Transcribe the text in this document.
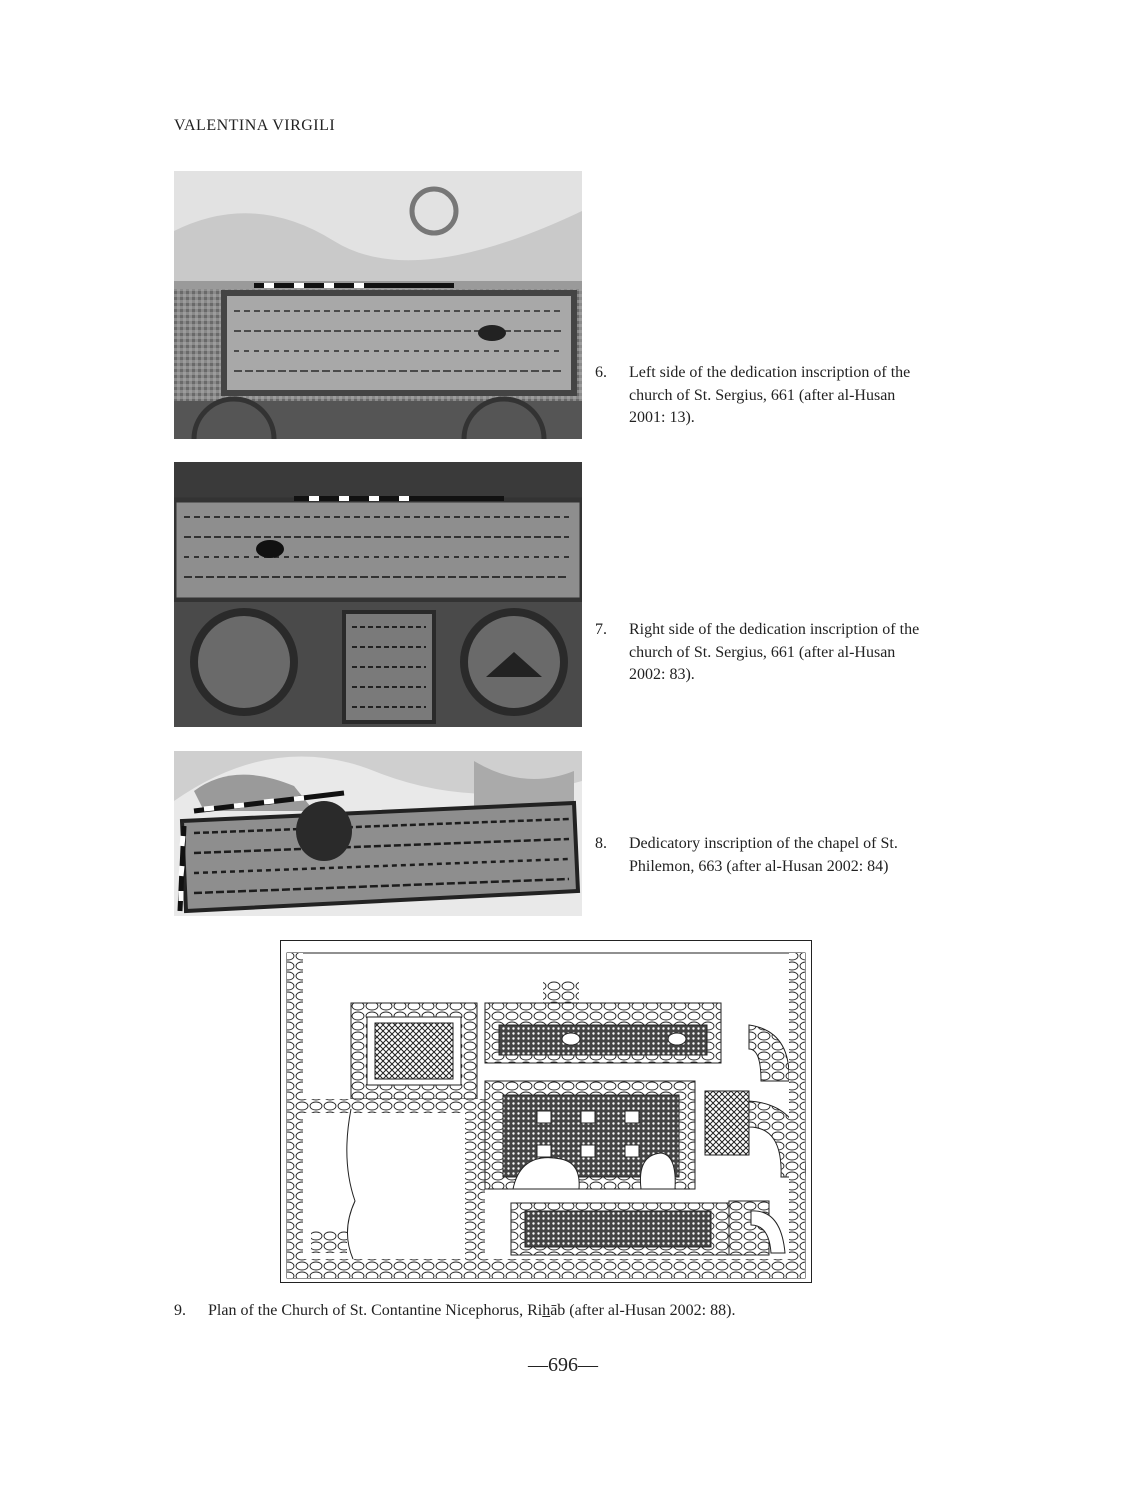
VALENTINA VIRGILI
6. Left side of the dedication inscription of the church of St. Sergius, 661 (after al-Husan 2001: 13).
7. Right side of the dedication inscription of the church of St. Sergius, 661 (after al-Husan 2002: 83).
8. Dedicatory inscription of the chapel of St. Philemon, 663 (after al-Husan 2002: 84)
9. Plan of the Church of St. Contantine Nicephorus, Rihāb (after al-Husan 2002: 88).
—696—
